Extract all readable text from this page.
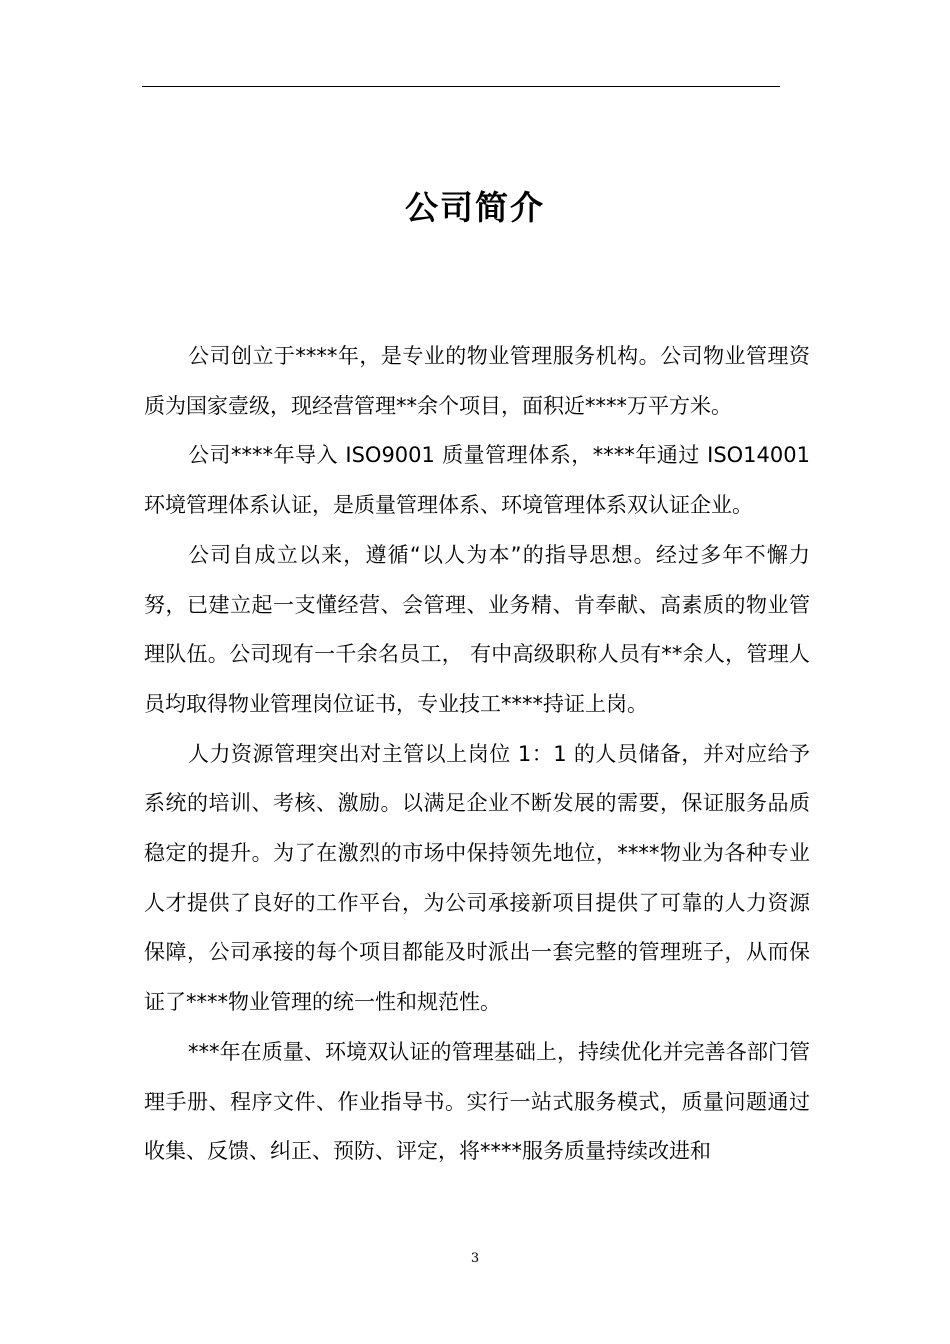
公司简介

公司创立于****年，是专业的物业管理服务机构。公司物业管理资质为国家壹级，现经营管理**余个项目，面积近****万平方米。

公司****年导入 ISO9001 质量管理体系，****年通过 ISO14001 环境管理体系认证，是质量管理体系、环境管理体系双认证企业。

公司自成立以来，遵循“以人为本”的指导思想。经过多年不懈力努，已建立起一支懂经营、会管理、业务精、肯奉献、高素质的物业管理队伍。公司现有一千余名员工， 有中高级职称人员有**余人，管理人员均取得物业管理岗位证书，专业技工****持证上岗。

人力资源管理突出对主管以上岗位 1：1 的人员储备，并对应给予系统的培训、考核、激励。以满足企业不断发展的需要，保证服务品质稳定的提升。为了在激烈的市场中保持领先地位，****物业为各种专业人才提供了良好的工作平台，为公司承接新项目提供了可靠的人力资源保障，公司承接的每个项目都能及时派出一套完整的管理班子，从而保证了****物业管理的统一性和规范性。

***年在质量、环境双认证的管理基础上，持续优化并完善各部门管理手册、程序文件、作业指导书。实行一站式服务模式，质量问题通过收集、反馈、纠正、预防、评定，将****服务质量持续改进和

3
